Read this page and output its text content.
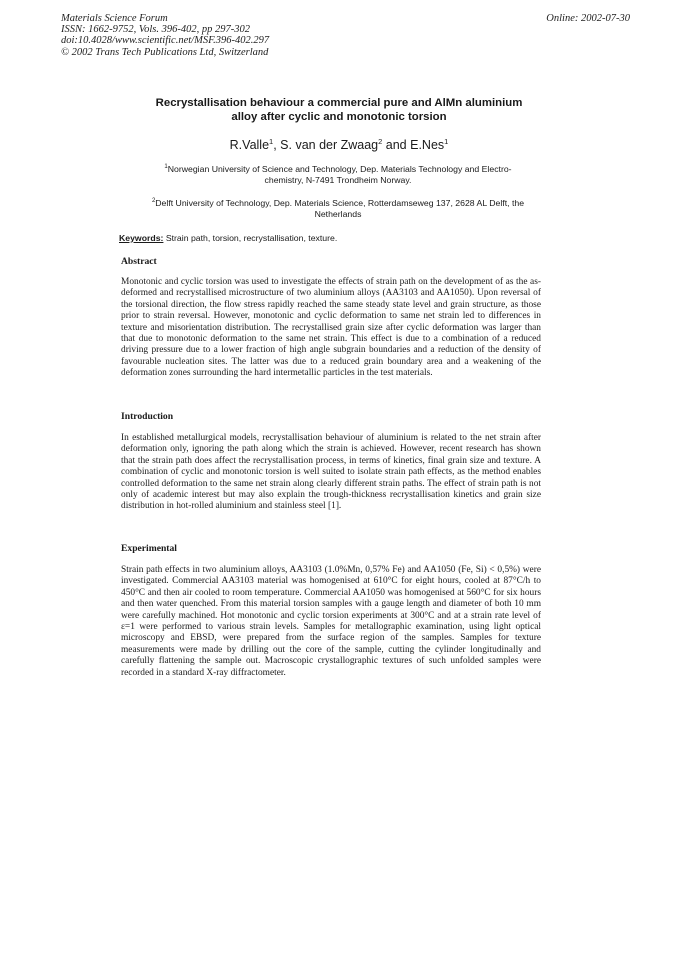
Materials Science Forum
ISSN: 1662-9752, Vols. 396-402, pp 297-302
doi:10.4028/www.scientific.net/MSF.396-402.297
© 2002 Trans Tech Publications Ltd, Switzerland
Online: 2002-07-30
Recrystallisation behaviour a commercial pure and AlMn aluminium
alloy after cyclic and monotonic torsion
R.Valle$^1$, S. van der Zwaag$^2$ and E.Nes$^1$
$^1$Norwegian University of Science and Technology, Dep. Materials Technology and Electro-
chemistry, N-7491 Trondheim Norway.
$^2$Delft University of Technology, Dep. Materials Science, Rotterdamseweg 137, 2628 AL Delft, the
Netherlands
Keywords: Strain path, torsion, recrystallisation, texture.
Abstract
Monotonic and cyclic torsion was used to investigate the effects of strain path on the development of as the as-deformed and recrystallised microstructure of two aluminium alloys (AA3103 and AA1050). Upon reversal of the torsional direction, the flow stress rapidly reached the same steady state level and grain structure, as those prior to strain reversal. However, monotonic and cyclic deformation to same net strain led to differences in texture and misorientation distribution. The recrystallised grain size after cyclic deformation was larger than that due to monotonic deformation to the same net strain. This effect is due to a combination of a reduced driving pressure due to a lower fraction of high angle subgrain boundaries and a reduction of the density of favourable nucleation sites. The latter was due to a reduced grain boundary area and a weakening of the deformation zones surrounding the hard intermetallic particles in the test materials.
Introduction
In established metallurgical models, recrystallisation behaviour of aluminium is related to the net strain after deformation only, ignoring the path along which the strain is achieved. However, recent research has shown that the strain path does affect the recrystallisation process, in terms of kinetics, final grain size and texture. A combination of cyclic and monotonic torsion is well suited to isolate strain path effects, as the method enables controlled deformation to the same net strain along clearly different strain paths. The effect of strain path is not only of academic interest but may also explain the trough-thickness recrystallisation kinetics and grain size distribution in hot-rolled aluminium and stainless steel [1].
Experimental
Strain path effects in two aluminium alloys, AA3103 (1.0%Mn, 0,57% Fe) and AA1050 (Fe, Si) < 0,5%) were investigated. Commercial AA3103 material was homogenised at 610°C for eight hours, cooled at 87°C/h to 450°C and then air cooled to room temperature. Commercial AA1050 was homogenised at 560°C for six hours and then water quenched. From this material torsion samples with a gauge length and diameter of both 10 mm were carefully machined. Hot monotonic and cyclic torsion experiments at 300°C and at a strain rate level of ε=1 were performed to various strain levels. Samples for metallographic examination, using light optical microscopy and EBSD, were prepared from the surface region of the samples. Samples for texture measurements were made by drilling out the core of the sample, cutting the cylinder longitudinally and carefully flattening the sample out. Macroscopic crystallographic textures of such unfolded samples were recorded in a standard X-ray diffractometer.
